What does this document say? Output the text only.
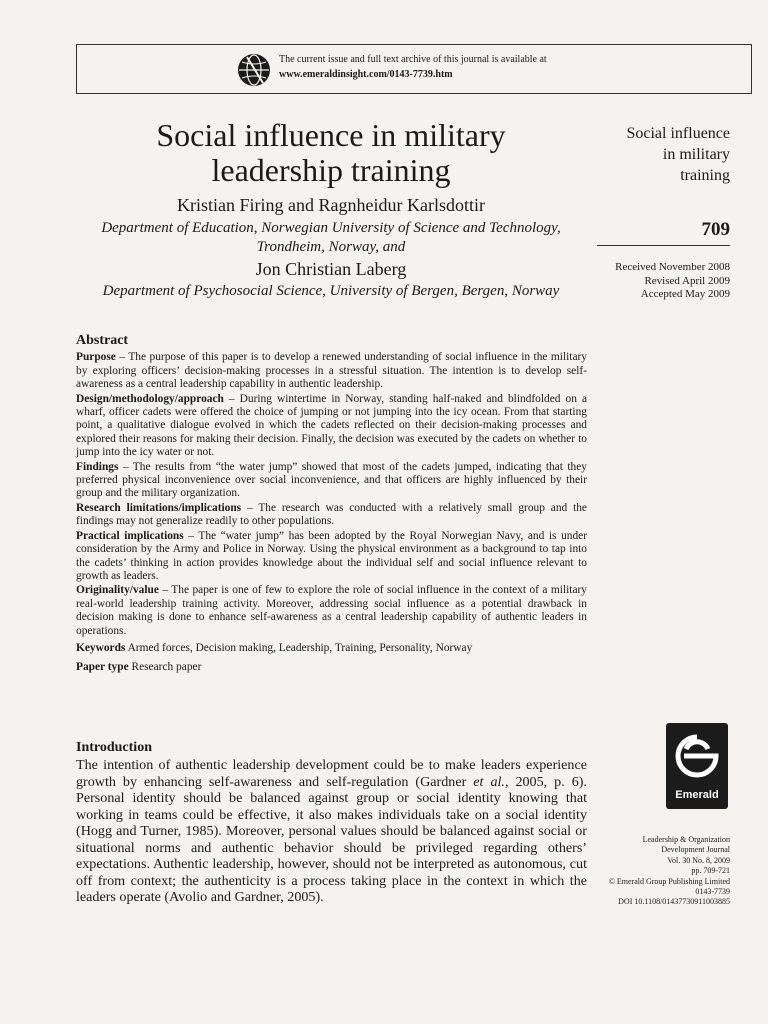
The current issue and full text archive of this journal is available at
www.emeraldinsight.com/0143-7739.htm
Social influence in military
leadership training
Kristian Firing and Ragnheidur Karlsdottir
Department of Education, Norwegian University of Science and Technology,
Trondheim, Norway, and
Jon Christian Laberg
Department of Psychosocial Science, University of Bergen, Bergen, Norway
Social influence
in military
training
709
Received November 2008
Revised April 2009
Accepted May 2009
Abstract

Purpose – The purpose of this paper is to develop a renewed understanding of social influence in the military by exploring officers’ decision-making processes in a stressful situation. The intention is to develop self-awareness as a central leadership capability in authentic leadership.

Design/methodology/approach – During wintertime in Norway, standing half-naked and blindfolded on a wharf, officer cadets were offered the choice of jumping or not jumping into the icy ocean. From that starting point, a qualitative dialogue evolved in which the cadets reflected on their decision-making processes and explored their reasons for making their decision. Finally, the decision was executed by the cadets on whether to jump into the icy water or not.

Findings – The results from “the water jump” showed that most of the cadets jumped, indicating that they preferred physical inconvenience over social inconvenience, and that officers are highly influenced by their group and the military organization.

Research limitations/implications – The research was conducted with a relatively small group and the findings may not generalize readily to other populations.

Practical implications – The “water jump” has been adopted by the Royal Norwegian Navy, and is under consideration by the Army and Police in Norway. Using the physical environment as a background to tap into the cadets’ thinking in action provides knowledge about the individual self and social influence relevant to growth as leaders.

Originality/value – The paper is one of few to explore the role of social influence in the context of a military real-world leadership training activity. Moreover, addressing social influence as a potential drawback in decision making is done to enhance self-awareness as a central leadership capability of authentic leaders in operations.

Keywords Armed forces, Decision making, Leadership, Training, Personality, Norway

Paper type Research paper

Introduction

The intention of authentic leadership development could be to make leaders experience growth by enhancing self-awareness and self-regulation (Gardner et al., 2005, p. 6). Personal identity should be balanced against group or social identity knowing that working in teams could be effective, it also makes individuals take on a social identity (Hogg and Turner, 1985). Moreover, personal values should be balanced against social or situational norms and authentic behavior should be privileged regarding others’ expectations. Authentic leadership, however, should not be interpreted as autonomous, cut off from context; the authenticity is a process taking place in the context in which the leaders operate (Avolio and Gardner, 2005).

Emerald
Leadership & Organization
Development Journal
Vol. 30 No. 8, 2009
pp. 709-721
© Emerald Group Publishing Limited
0143-7739
DOI 10.1108/01437730911003885
